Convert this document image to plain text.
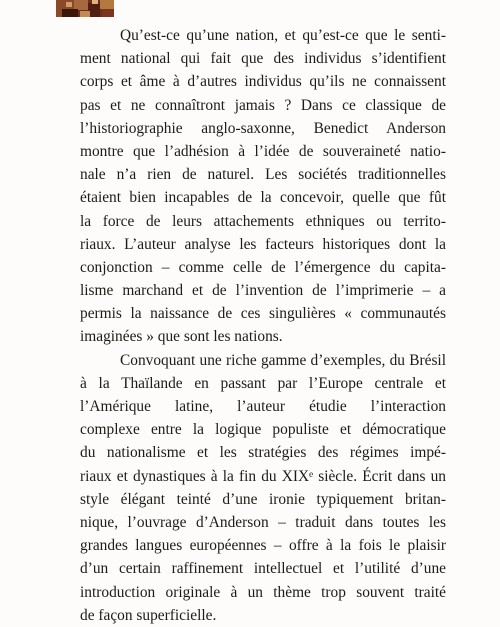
Qu’est-ce qu’une nation, et qu’est-ce que le senti-
ment national qui fait que des individus s’identifient
corps et âme à d’autres individus qu’ils ne connaissent
pas et ne connaîtront jamais ? Dans ce classique de
l’historiographie anglo-saxonne, Benedict Anderson
montre que l’adhésion à l’idée de souveraineté natio-
nale n’a rien de naturel. Les sociétés traditionnelles
étaient bien incapables de la concevoir, quelle que fût
la force de leurs attachements ethniques ou territo-
riaux. L’auteur analyse les facteurs historiques dont la
conjonction – comme celle de l’émergence du capita-
lisme marchand et de l’invention de l’imprimerie – a
permis la naissance de ces singulières « communautés
imaginées » que sont les nations.
Convoquant une riche gamme d’exemples, du Brésil
à la Thaïlande en passant par l’Europe centrale et
l’Amérique latine, l’auteur étudie l’interaction
complexe entre la logique populiste et démocratique
du nationalisme et les stratégies des régimes impé-
riaux et dynastiques à la fin du XIXᵉ siècle. Écrit dans un
style élégant teinté d’une ironie typiquement britan-
nique, l’ouvrage d’Anderson – traduit dans toutes les
grandes langues européennes – offre à la fois le plaisir
d’un certain raffinement intellectuel et l’utilité d’une
introduction originale à un thème trop souvent traité
de façon superficielle.
